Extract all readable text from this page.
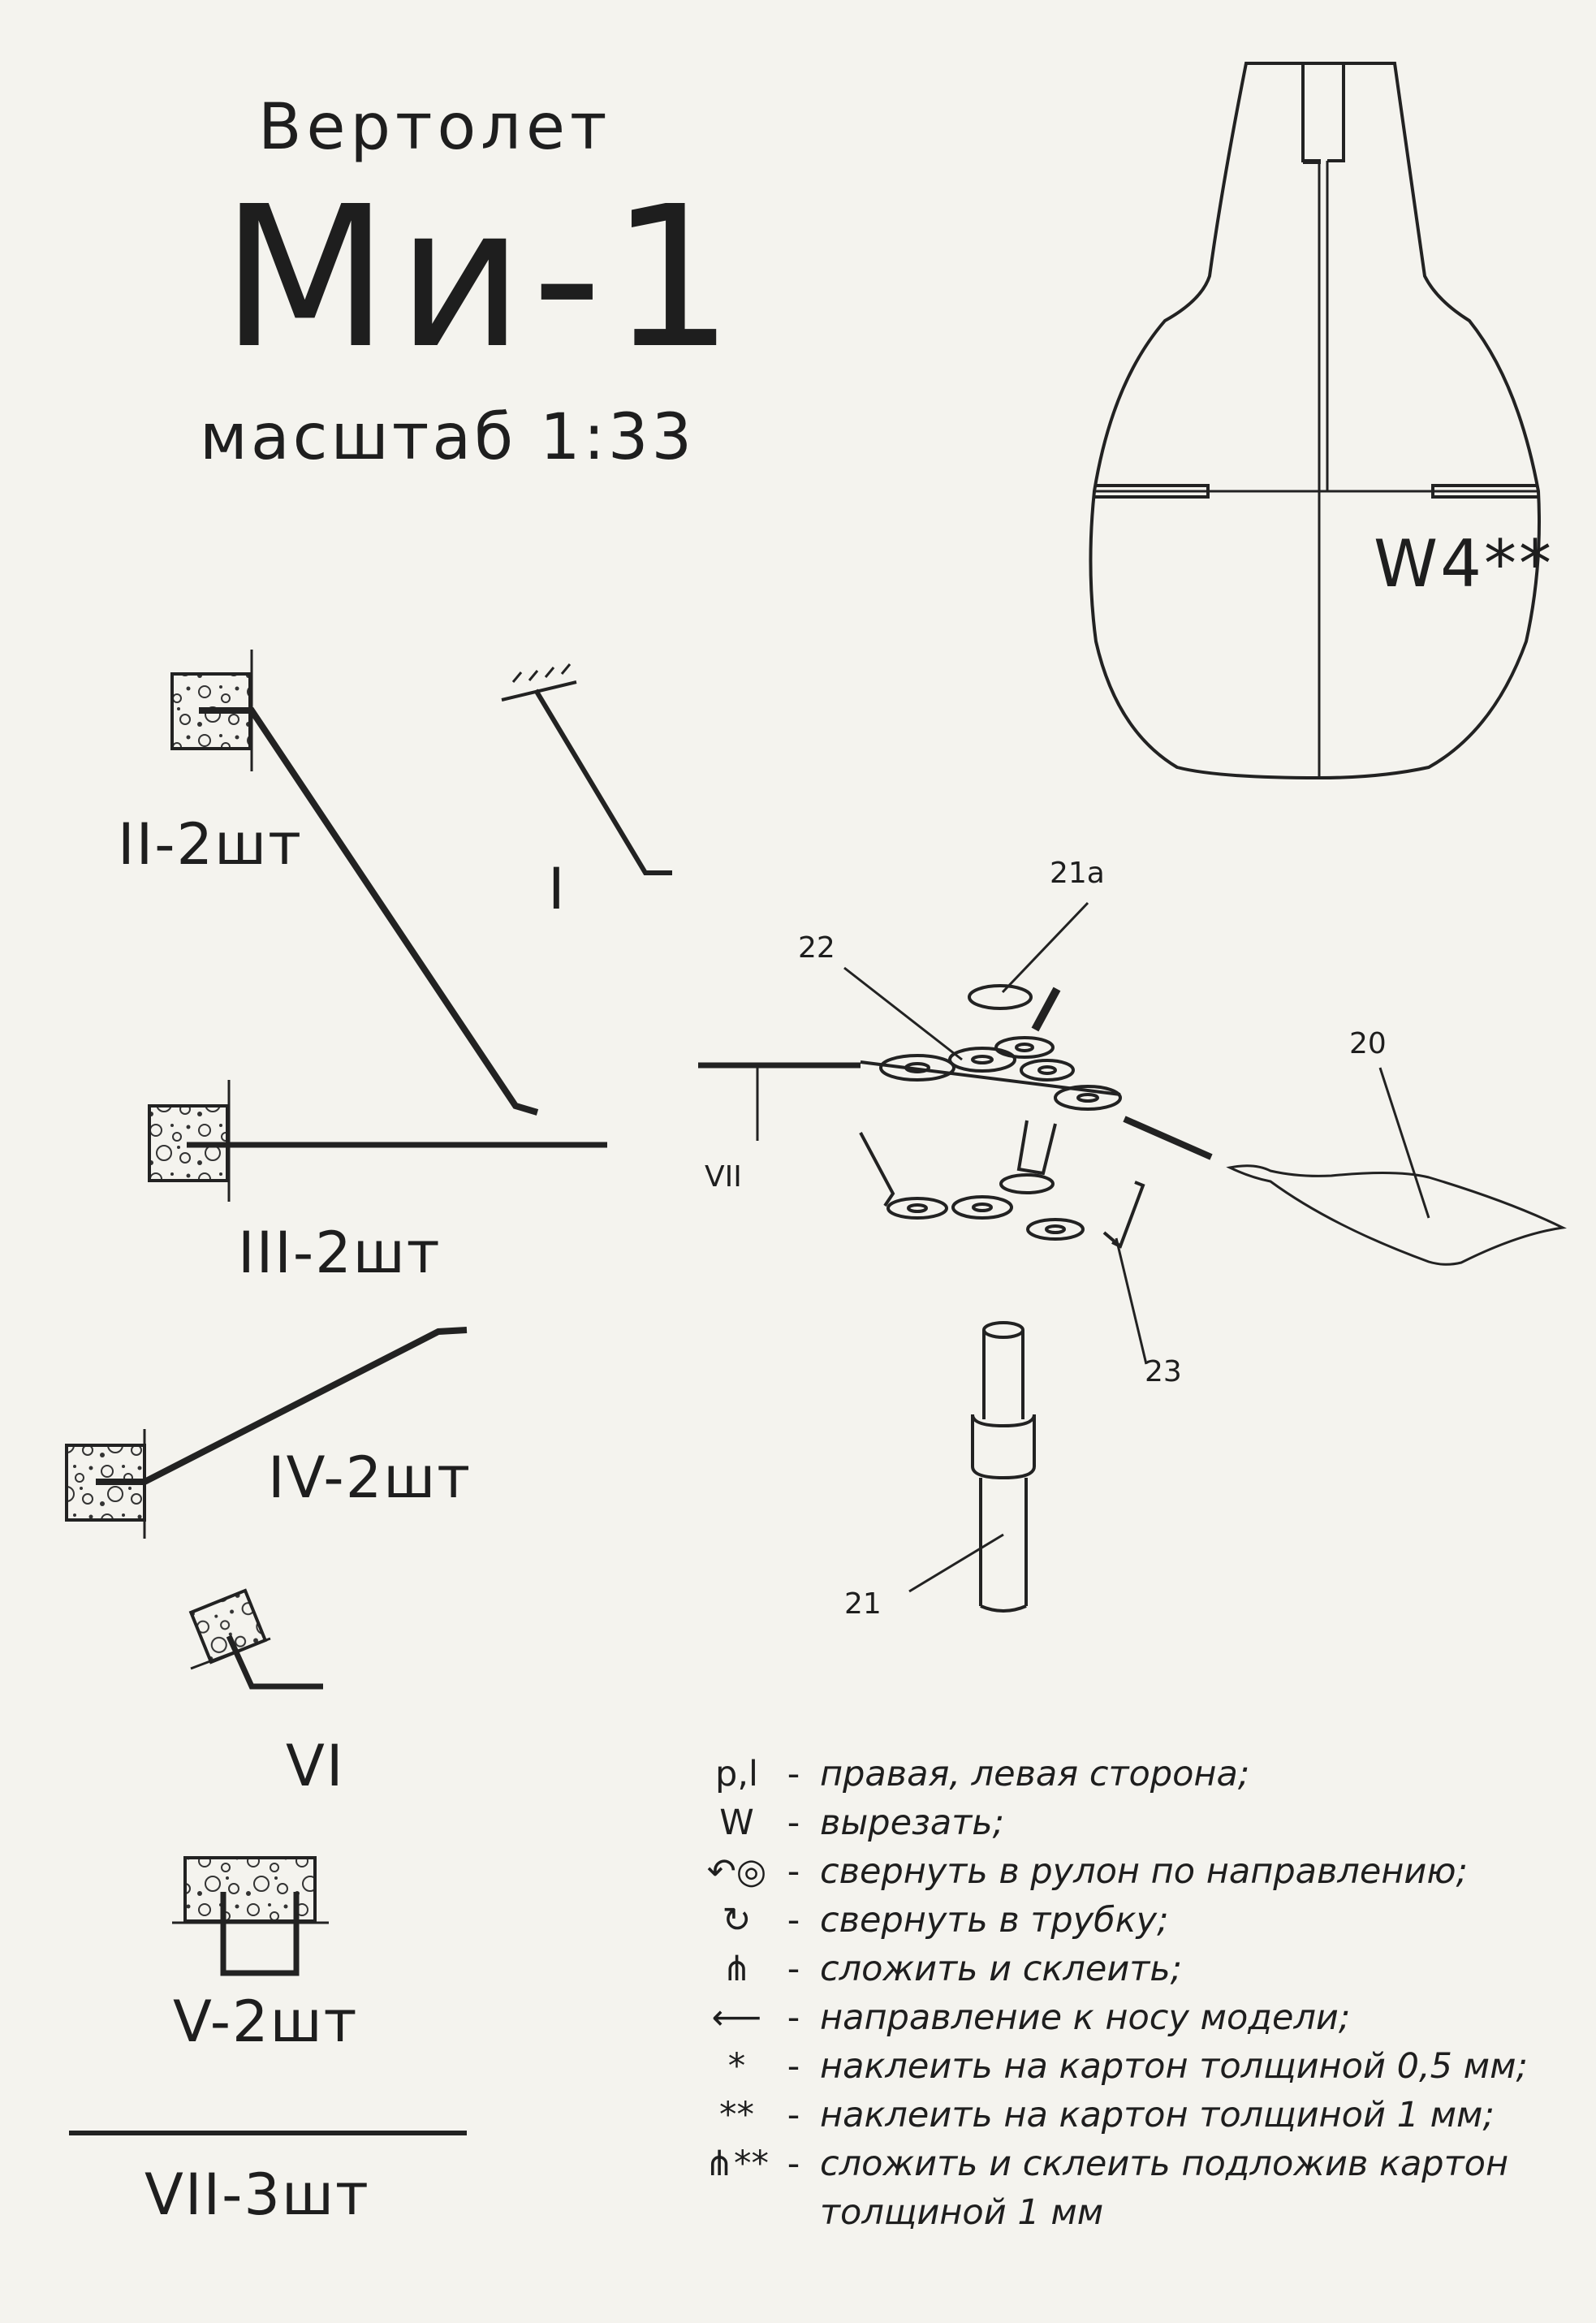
Вертолет
Ми-1
масштаб 1:33
W4**
II-2шт
I
III-2шт
IV-2шт
VI
V-2шт
VII-3шт
21a
22
20
VII
23
21
p,l - правая, левая сторона;
W - вырезать;
↶◎ - свернуть в рулон по направлению;
↻	- свернуть в трубку;
⋔	- сложить и склеить;
⟵ - направление к носу модели;
*	- наклеить на картон толщиной 0,5 мм;
** - наклеить на картон толщиной 1 мм;
⋔** - сложить и склеить подложив картон
толщиной 1 мм
